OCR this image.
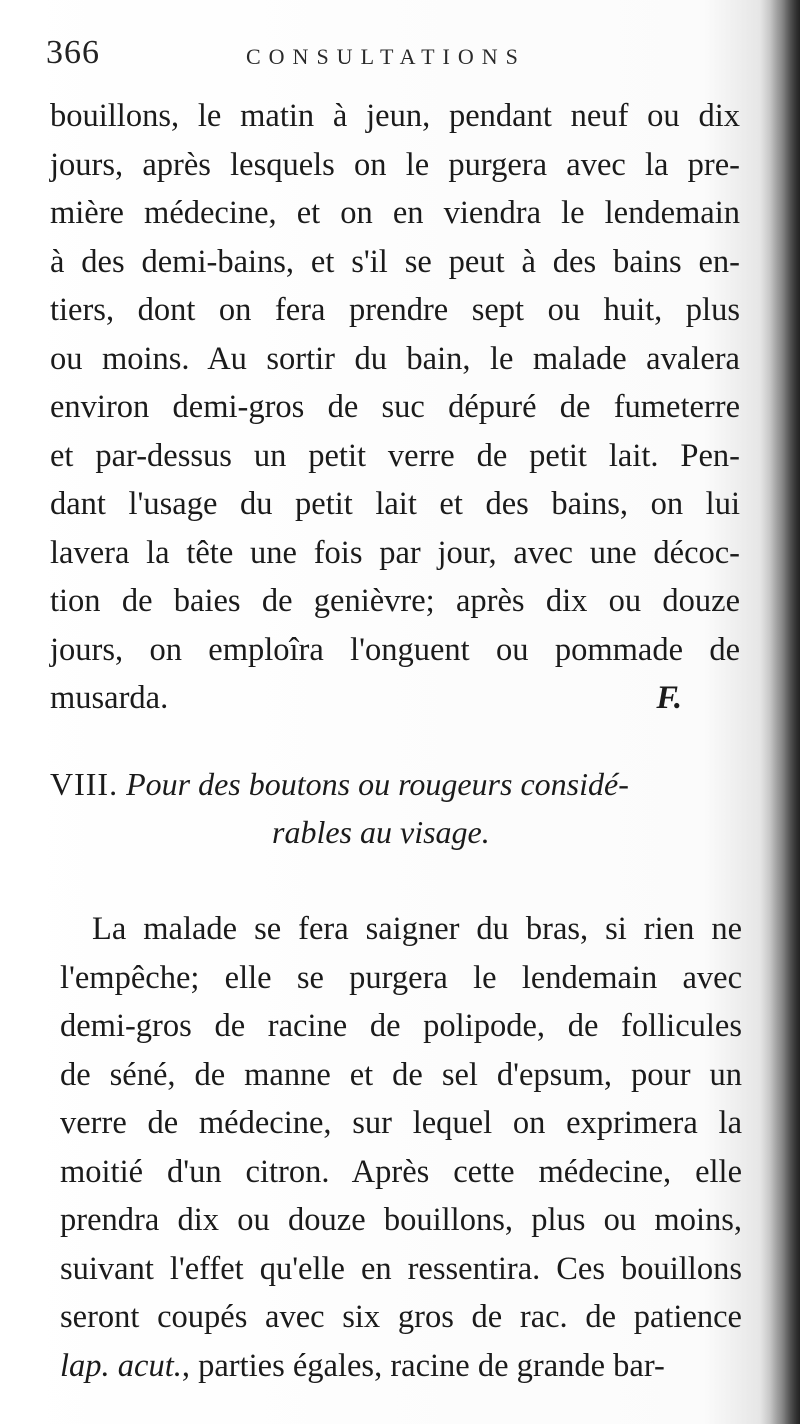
366	CONSULTATIONS
bouillons, le matin à jeun, pendant neuf ou dix
jours, après lesquels on le purgera avec la pre-
mière médecine, et on en viendra le lendemain
à des demi-bains, et s'il se peut à des bains en-
tiers, dont on fera prendre sept ou huit, plus
ou moins. Au sortir du bain, le malade avalera
environ demi-gros de suc dépuré de fumeterre
et par-dessus un petit verre de petit lait. Pen-
dant l'usage du petit lait et des bains, on lui
lavera la tête une fois par jour, avec une décoc-
tion de baies de genièvre; après dix ou douze
jours, on emploîra l'onguent ou pommade de
musarda.	F.
VIII. Pour des boutons ou rougeurs considé-
rables au visage.
La malade se fera saigner du bras, si rien ne
l'empêche; elle se purgera le lendemain avec
demi-gros de racine de polipode, de follicules
de séné, de manne et de sel d'epsum, pour un
verre de médecine, sur lequel on exprimera la
moitié d'un citron. Après cette médecine, elle
prendra dix ou douze bouillons, plus ou moins,
suivant l'effet qu'elle en ressentira. Ces bouillons
seront coupés avec six gros de rac. de patience
lap. acut., parties égales, racine de grande bar-
